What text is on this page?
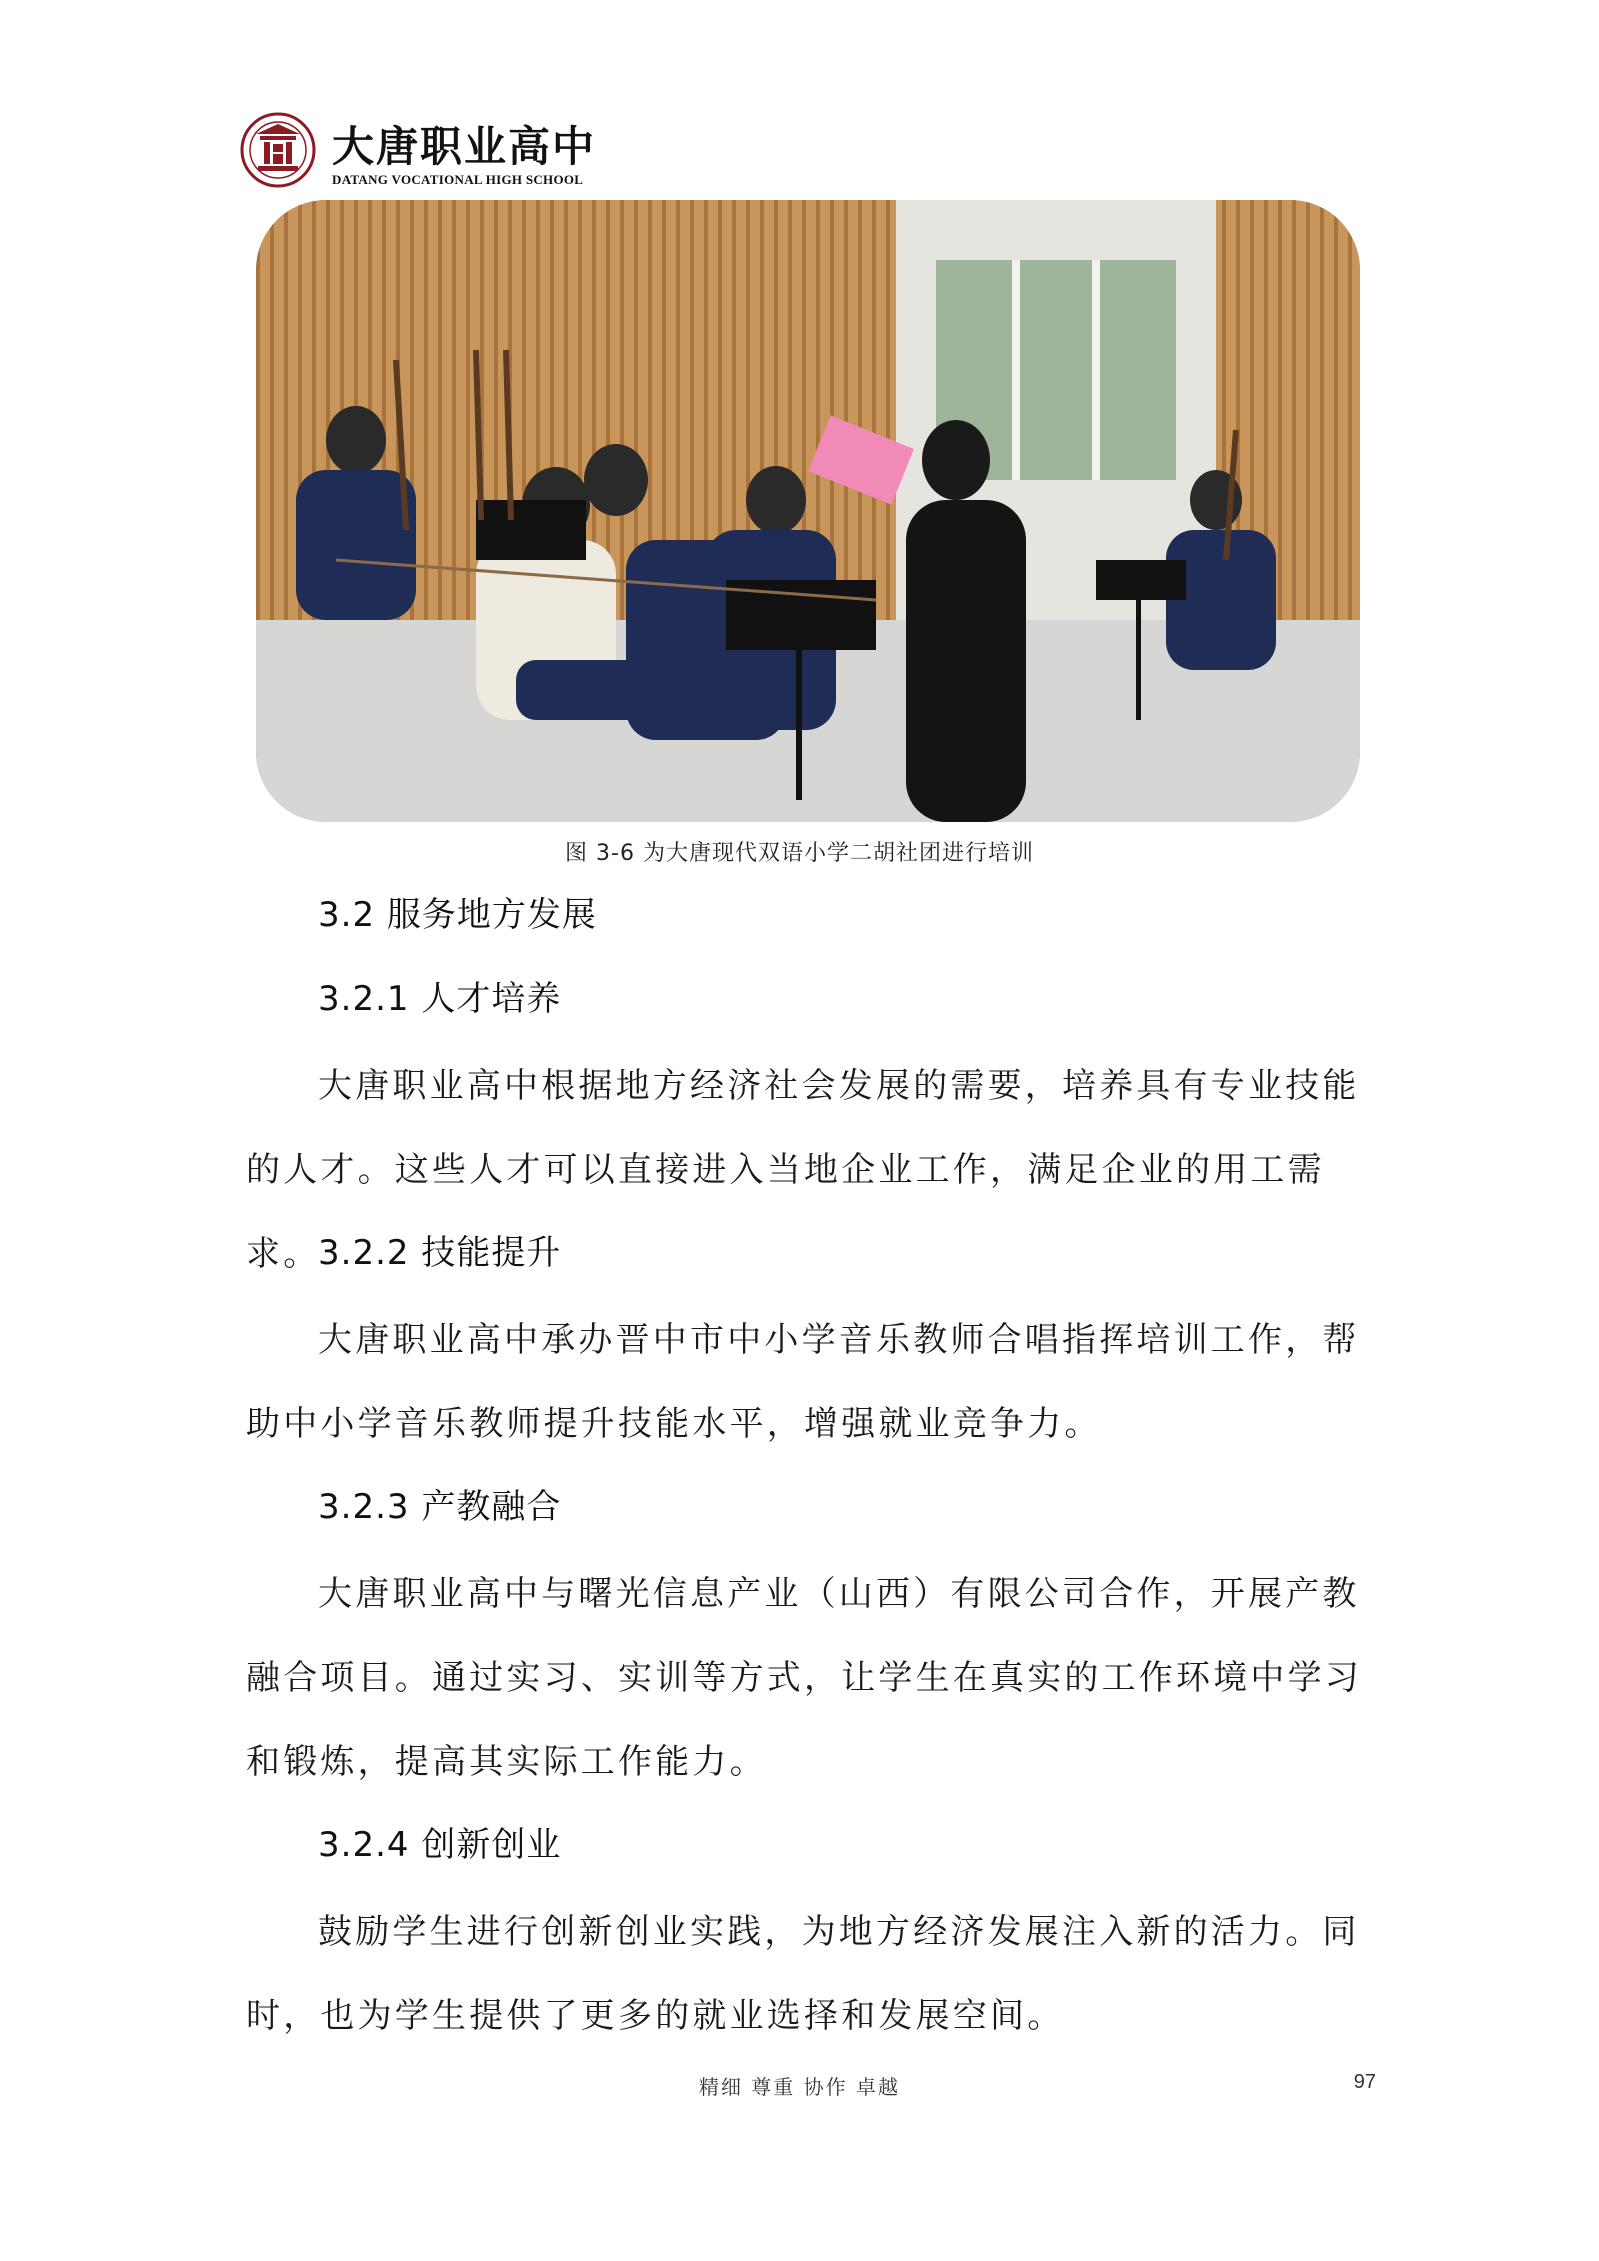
大唐职业高中
DATANG VOCATIONAL HIGH SCHOOL
图 3-6 为大唐现代双语小学二胡社团进行培训
3.2 服务地方发展
3.2.1 人才培养

大唐职业高中根据地方经济社会发展的需要，培养具有专业技能的人才。这些人才可以直接进入当地企业工作，满足企业的用工需求。

3.2.2 技能提升

大唐职业高中承办晋中市中小学音乐教师合唱指挥培训工作，帮助中小学音乐教师提升技能水平，增强就业竞争力。

3.2.3 产教融合

大唐职业高中与曙光信息产业（山西）有限公司合作，开展产教融合项目。通过实习、实训等方式，让学生在真实的工作环境中学习和锻炼，提高其实际工作能力。

3.2.4 创新创业

鼓励学生进行创新创业实践，为地方经济发展注入新的活力。同时，也为学生提供了更多的就业选择和发展空间。

精细 尊重 协作 卓越	97
